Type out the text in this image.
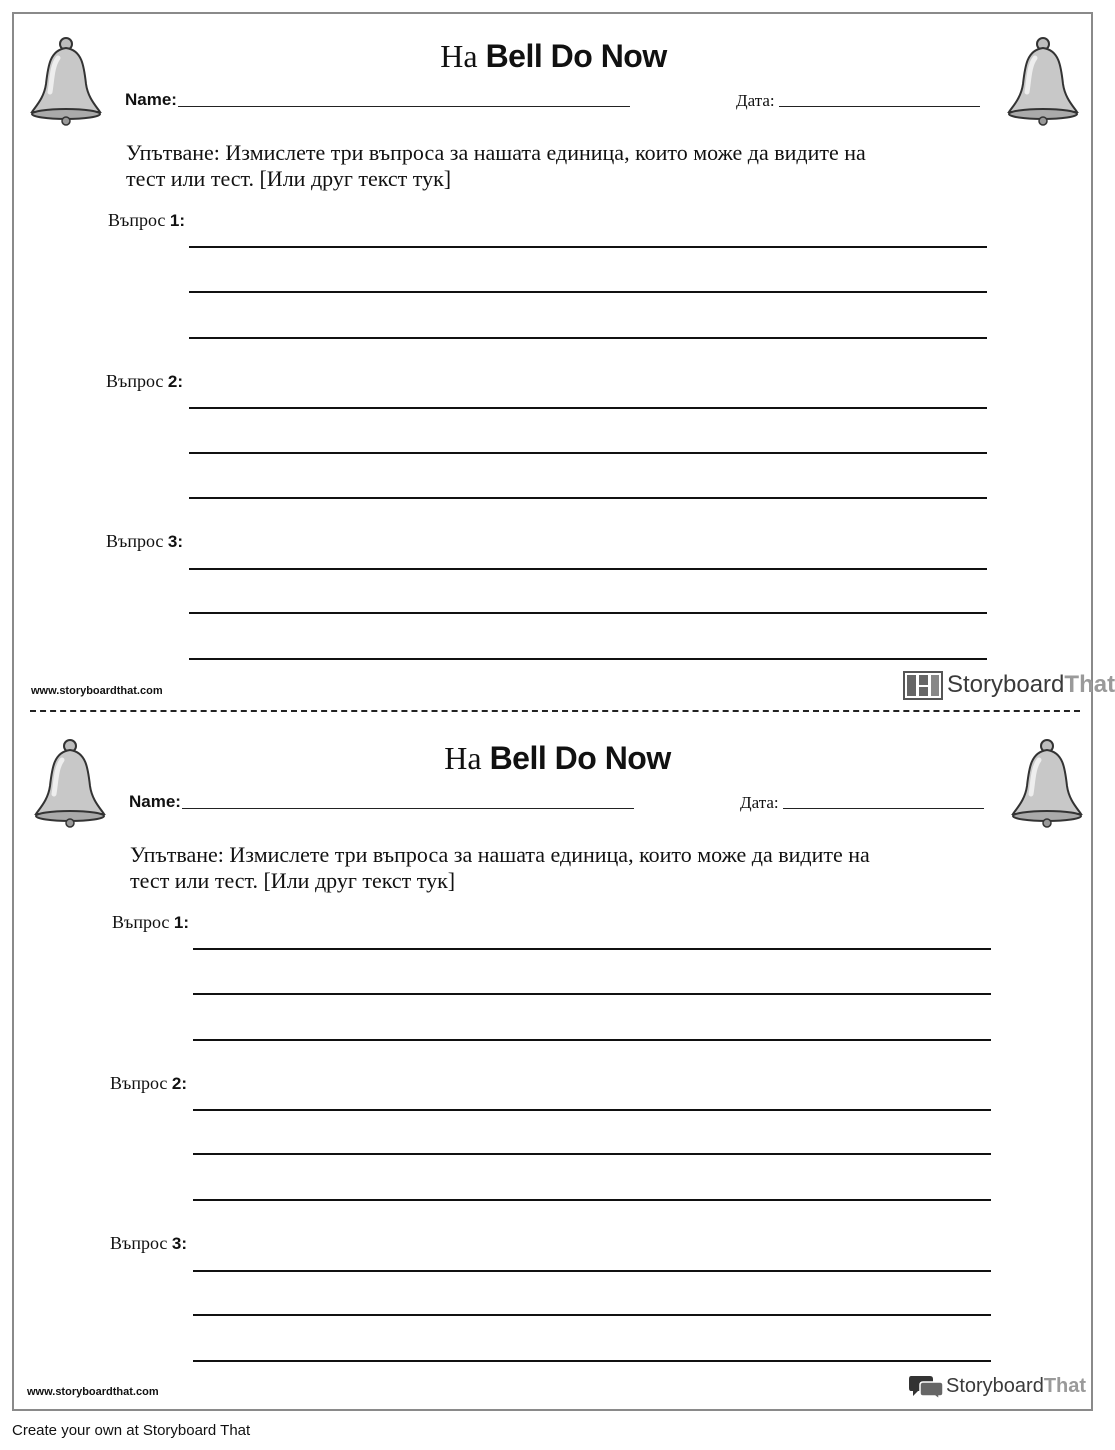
На Bell Do Now
Name:	Дата:
Упътване: Измислете три въпроса за нашата единица, които може да видите на
тест или тест. [Или друг текст тук]
Въпрос 1:
Въпрос 2:
Въпрос 3:
www.storyboardthat.com	StoryboardThat
На Bell Do Now
Name:	Дата:
Упътване: Измислете три въпроса за нашата единица, които може да видите на
тест или тест. [Или друг текст тук]
Въпрос 1:
Въпрос 2:
Въпрос 3:
www.storyboardthat.com	StoryboardThat
Create your own at Storyboard That
